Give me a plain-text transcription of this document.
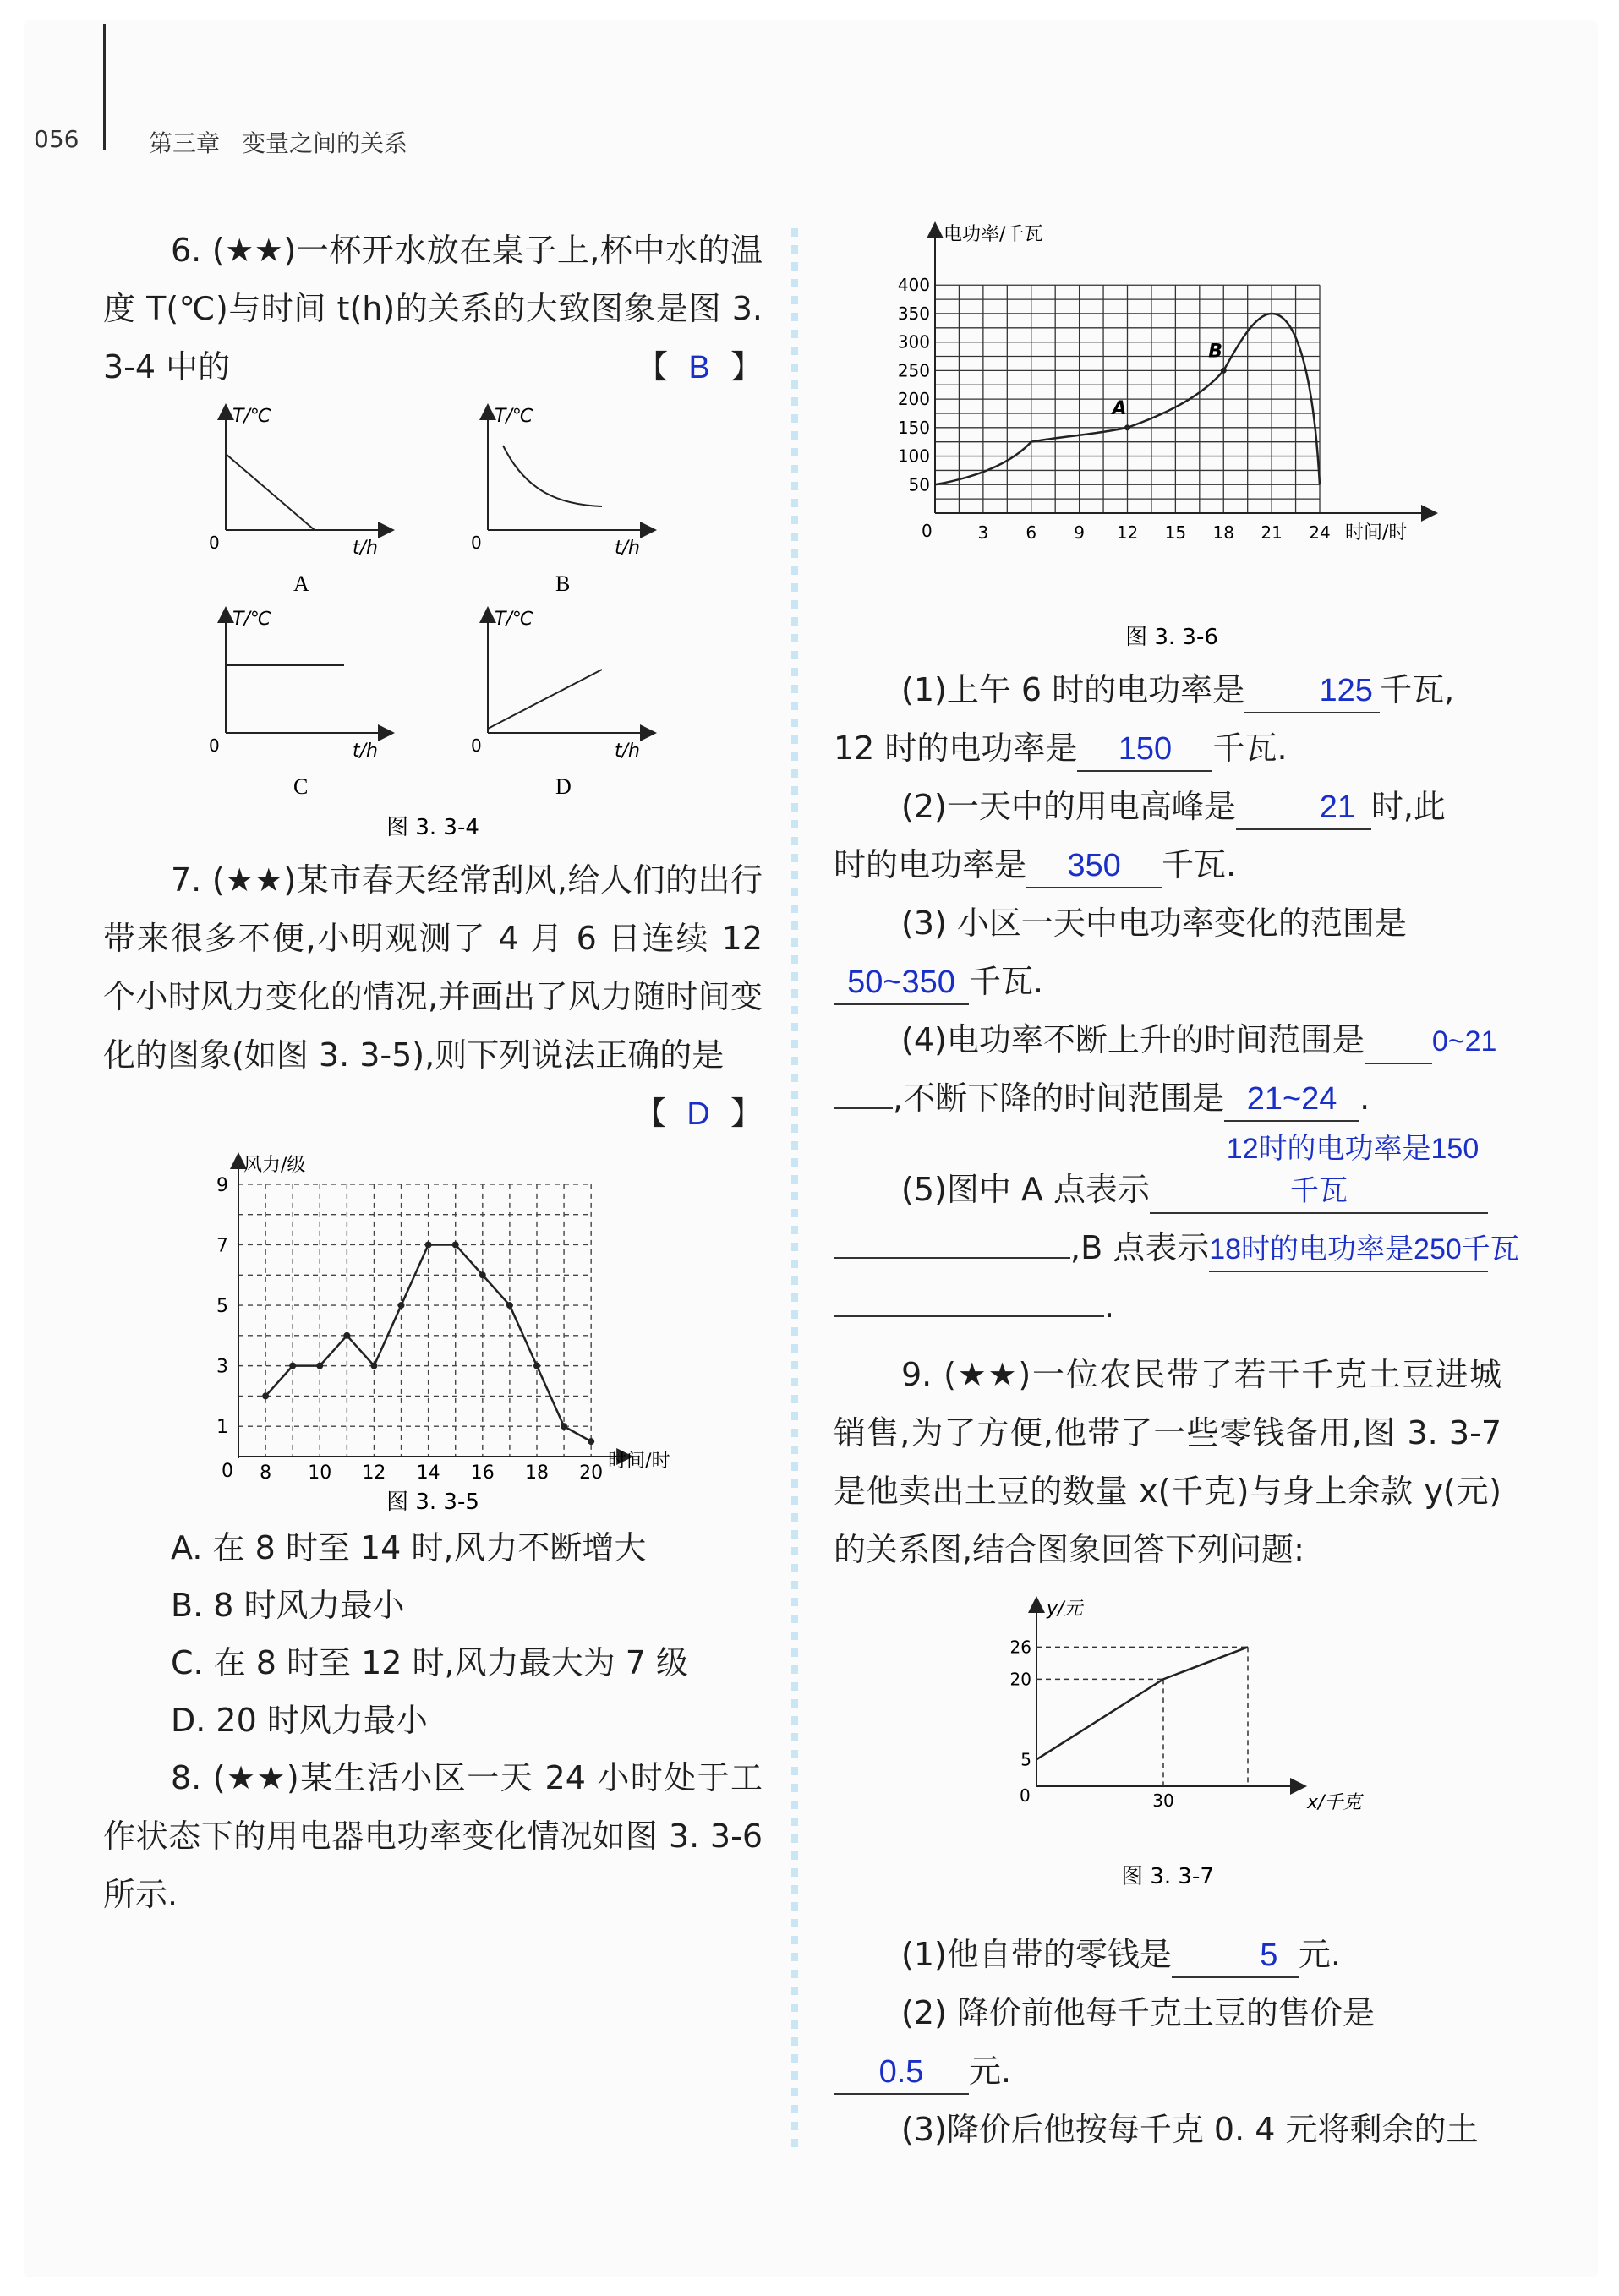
056	第三章 变量之间的关系

6. (★★)一杯开水放在桌子上,杯中水的温度 T(℃)与时间 t(h)的关系的大致图象是图 3. 3-4 中的	【  B  】

T/℃
0	t/h
A
T/℃
0	t/h
B
T/℃
0	t/h
C
T/℃
0	t/h
D
图 3. 3-4

7. (★★)某市春天经常刮风,给人们的出行带来很多不便,小明观测了 4 月 6 日连续 12 个小时风力变化的情况,并画出了风力随时间变化的图象(如图 3. 3-5),则下列说法正确的是
【  D  】

风力/级
时间/时
0 8 10 12 14 16 18 20
1
3
5
7
9
图 3. 3-5
A. 在 8 时至 14 时,风力不断增大
B. 8 时风力最小
C. 在 8 时至 12 时,风力最大为 7 级
D. 20 时风力最小

8. (★★)某生活小区一天 24 小时处于工作状态下的用电器电功率变化情况如图 3. 3-6 所示.

电功率/千瓦
时间/时
0	3 6 9 12 15 18 21 24
50
100
150
200
250
300
350
400
A
B
图 3. 3-6

(1)上午 6 时的电功率是 125 千瓦,

12 时的电功率是 150 千瓦.

(2)一天中的用电高峰是	21 时,此

时的电功率是 350 千瓦.

(3) 小区一天中电功率变化的范围是

50~350 千瓦.

(4)电功率不断上升的时间范围是 0~21

,不断下降的时间范围是 21~24 .

(5)图中 A 点表示12时的电功率是150千瓦

,B 点表示18时的电功率是250千瓦

.

9. (★★)一位农民带了若干千克土豆进城销售,为了方便,他带了一些零钱备用,图 3. 3-7 是他卖出土豆的数量 x(千克)与身上余款 y(元)的关系图,结合图象回答下列问题:

y/元
x/千克
0
5
20
26
30
图 3. 3-7

(1)他自带的零钱是	5 元.

(2) 降价前他每千克土豆的售价是

0.5 元.

(3)降价后他按每千克 0. 4 元将剩余的土
